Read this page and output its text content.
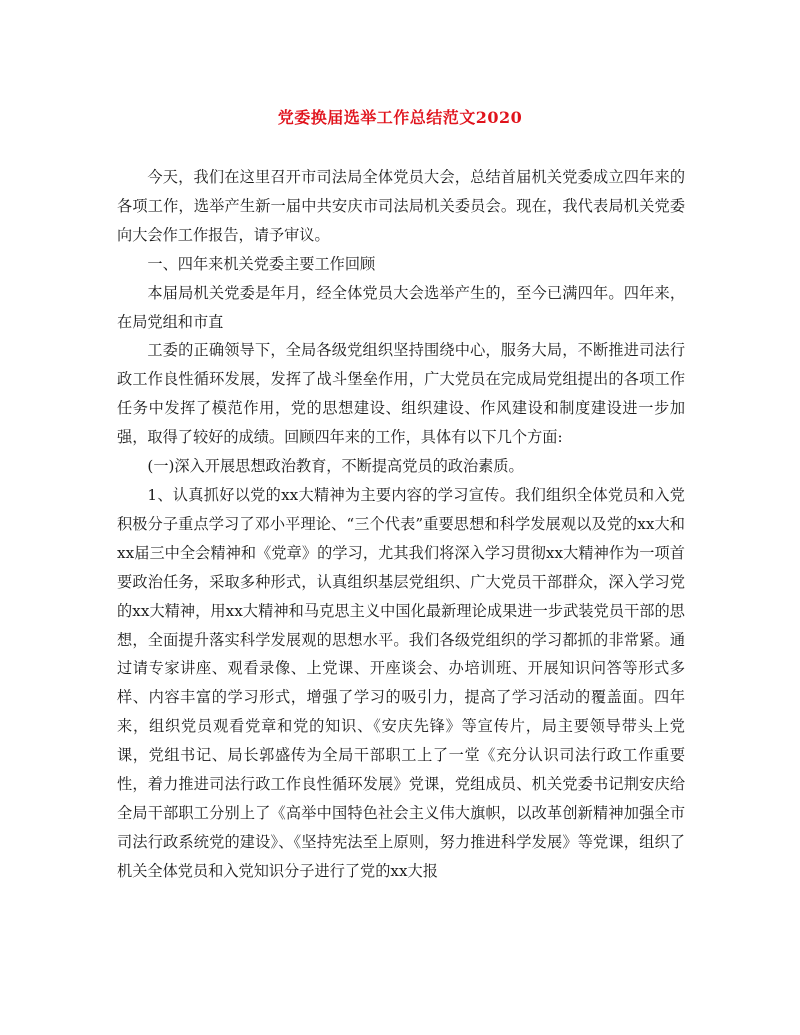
党委换届选举工作总结范文2020

今天，我们在这里召开市司法局全体党员大会，总结首届机关党委成立四年来的各项工作，选举产生新一届中共安庆市司法局机关委员会。现在，我代表局机关党委向大会作工作报告，请予审议。

一、四年来机关党委主要工作回顾

本届局机关党委是年月，经全体党员大会选举产生的，至今已满四年。四年来，在局党组和市直

工委的正确领导下，全局各级党组织坚持围绕中心，服务大局，不断推进司法行政工作良性循环发展，发挥了战斗堡垒作用，广大党员在完成局党组提出的各项工作任务中发挥了模范作用，党的思想建设、组织建设、作风建设和制度建设进一步加强，取得了较好的成绩。回顾四年来的工作，具体有以下几个方面:

(一)深入开展思想政治教育，不断提高党员的政治素质。

1、认真抓好以党的xx大精神为主要内容的学习宣传。我们组织全体党员和入党积极分子重点学习了邓小平理论、“三个代表”重要思想和科学发展观以及党的xx大和xx届三中全会精神和《党章》的学习，尤其我们将深入学习贯彻xx大精神作为一项首要政治任务，采取多种形式，认真组织基层党组织、广大党员干部群众，深入学习党的xx大精神，用xx大精神和马克思主义中国化最新理论成果进一步武装党员干部的思想，全面提升落实科学发展观的思想水平。我们各级党组织的学习都抓的非常紧。通过请专家讲座、观看录像、上党课、开座谈会、办培训班、开展知识问答等形式多样、内容丰富的学习形式，增强了学习的吸引力，提高了学习活动的覆盖面。四年来，组织党员观看党章和党的知识、《安庆先锋》等宣传片，局主要领导带头上党课，党组书记、局长郭盛传为全局干部职工上了一堂《充分认识司法行政工作重要性，着力推进司法行政工作良性循环发展》党课，党组成员、机关党委书记荆安庆给全局干部职工分别上了《高举中国特色社会主义伟大旗帜，以改革创新精神加强全市司法行政系统党的建设》、《坚持宪法至上原则，努力推进科学发展》等党课，组织了机关全体党员和入党知识分子进行了党的xx大报
